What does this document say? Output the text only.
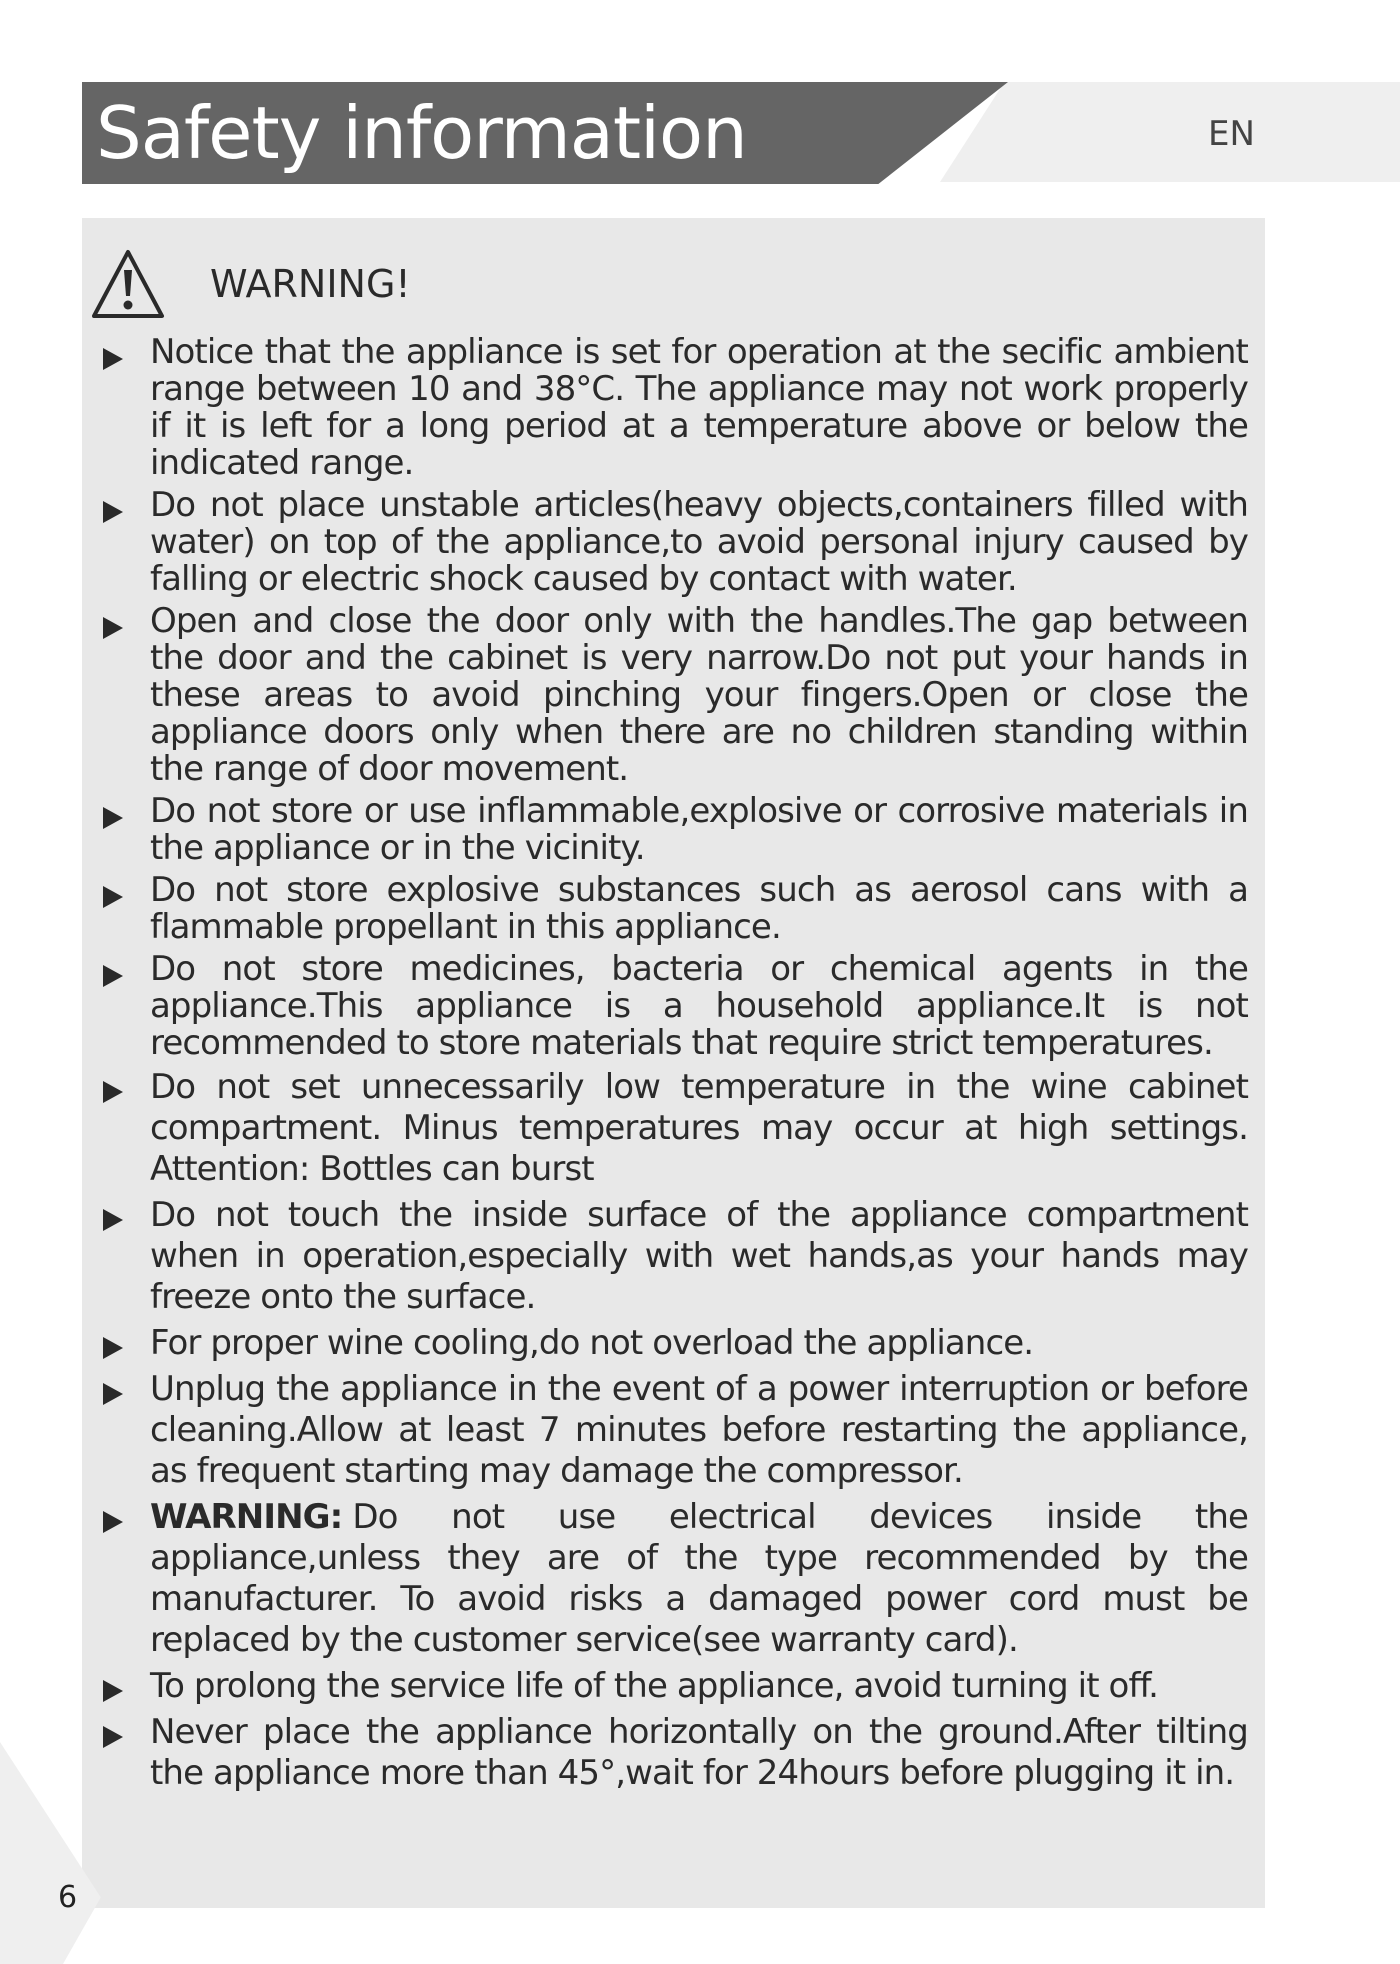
Safety information	EN
WARNING!
Notice that the appliance is set for operation at the secific ambient range between 10 and 38°C. The appliance may not work properly if it is left for a long period at a temperature above or below the indicated range.
Do not place unstable articles(heavy objects,containers filled with water) on top of the appliance,to avoid personal injury caused by falling or electric shock caused by contact with water.
Open and close the door only with the handles.The gap between the door and the cabinet is very narrow.Do not put your hands in these areas to avoid pinching your fingers.Open or close the appliance doors only when there are no children standing within the range of door movement.
Do not store or use inflammable,explosive or corrosive materials in the appliance or in the vicinity.
Do not store explosive substances such as aerosol cans with a flammable propellant in this appliance.
Do not store medicines, bacteria or chemical agents in the appliance.This appliance is a household appliance.It is not recommended to store materials that require strict temperatures.
Do not set unnecessarily low temperature in the wine cabinet compartment. Minus temperatures may occur at high settings. Attention: Bottles can burst
Do not touch the inside surface of the appliance compartment when in operation,especially with wet hands,as your hands may freeze onto the surface.
For proper wine cooling,do not overload the appliance.
Unplug the appliance in the event of a power interruption or before cleaning.Allow at least 7 minutes before restarting the appliance, as frequent starting may damage the compressor.
WARNING: Do not use electrical devices inside the appliance,unless they are of the type recommended by the manufacturer. To avoid risks a damaged power cord must be replaced by the customer service(see warranty card).
To prolong the service life of the appliance, avoid turning it off.
Never place the appliance horizontally on the ground.After tilting the appliance more than 45°,wait for 24hours before plugging it in.
6
